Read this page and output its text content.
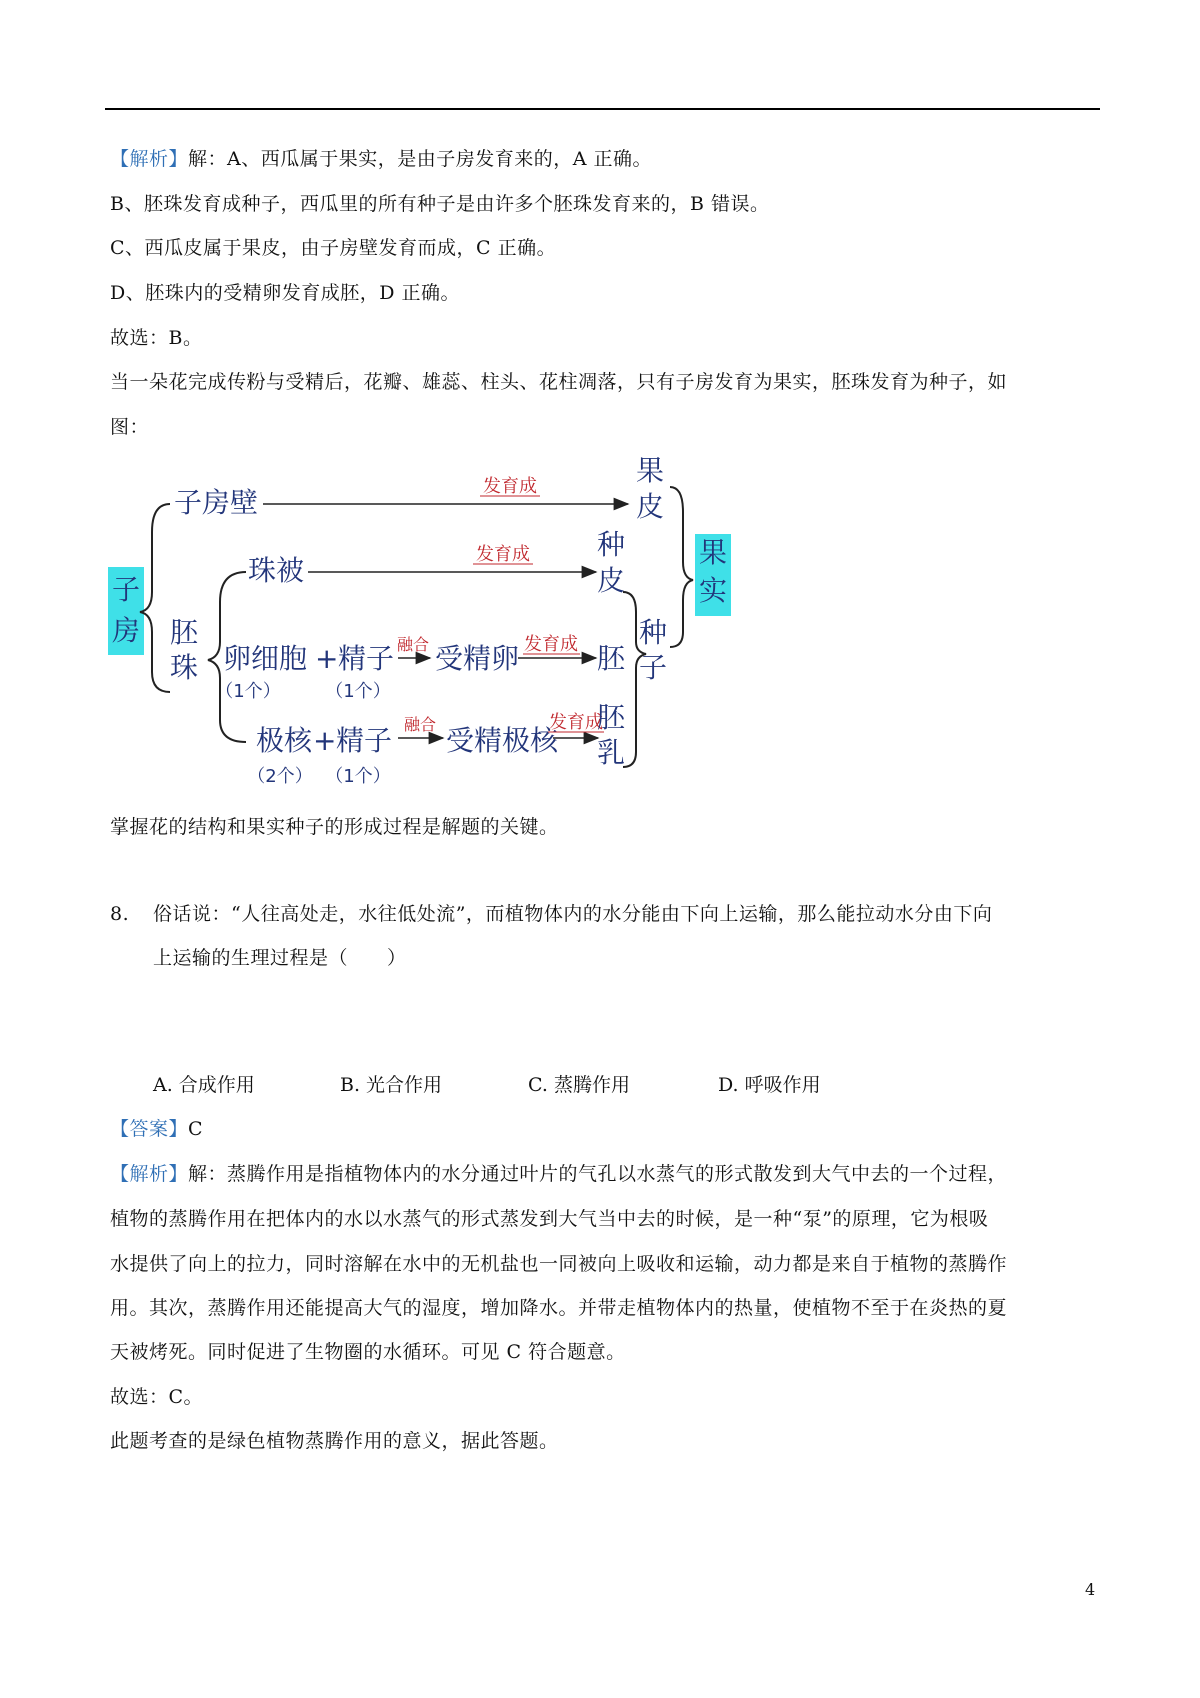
【解析】解：A、西瓜属于果实，是由子房发育来的，A 正确。
B、胚珠发育成种子，西瓜里的所有种子是由许多个胚珠发育来的，B 错误。
C、西瓜皮属于果皮，由子房壁发育而成，C 正确。
D、胚珠内的受精卵发育成胚，D 正确。
故选：B。
当一朵花完成传粉与受精后，花瓣、雄蕊、柱头、花柱凋落，只有子房发育为果实，胚珠发育为种子，如
图：
子
房
子房壁	发育成	果
皮
果
实
胚
珠
珠被	发育成 种
皮
种
子
卵细胞 + 精子
（1个） （1个）
融合 受精卵 发育成 胚
极核 + 精子
（2个） （1个）
融合 受精极核
发育成
胚
乳
掌握花的结构和果实种子的形成过程是解题的关键。
8. 俗话说：“人往高处走，水往低处流”，而植物体内的水分能由下向上运输，那么能拉动水分由下向
上运输的生理过程是（　　）
A. 合成作用	B. 光合作用	C. 蒸腾作用	D. 呼吸作用
【答案】C
【解析】解：蒸腾作用是指植物体内的水分通过叶片的气孔以水蒸气的形式散发到大气中去的一个过程，
植物的蒸腾作用在把体内的水以水蒸气的形式蒸发到大气当中去的时候，是一种“泵”的原理，它为根吸
水提供了向上的拉力，同时溶解在水中的无机盐也一同被向上吸收和运输，动力都是来自于植物的蒸腾作
用。其次，蒸腾作用还能提高大气的湿度，增加降水。并带走植物体内的热量，使植物不至于在炎热的夏
天被烤死。同时促进了生物圈的水循环。可见 C 符合题意。
故选：C。
此题考查的是绿色植物蒸腾作用的意义，据此答题。
4
